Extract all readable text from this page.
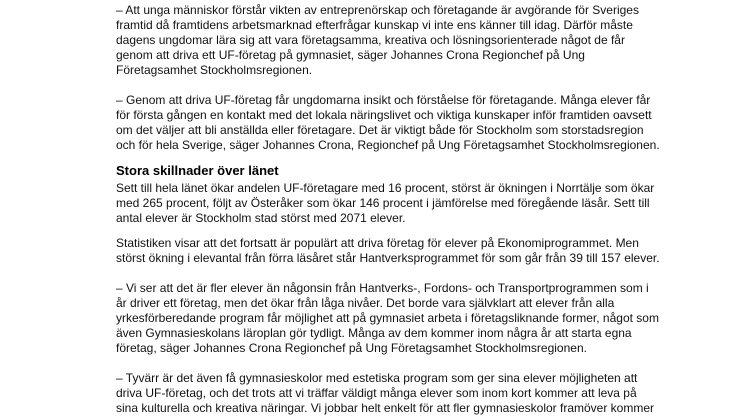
– Att unga människor förstår vikten av entreprenörskap och företagande är avgörande för Sveriges
framtid då framtidens arbetsmarknad efterfrågar kunskap vi inte ens känner till idag. Därför måste
dagens ungdomar lära sig att vara företagsamma, kreativa och lösningsorienterade något de får
genom att driva ett UF-företag på gymnasiet, säger Johannes Crona Regionchef på Ung
Företagsamhet Stockholmsregionen.
– Genom att driva UF-företag får ungdomarna insikt och förståelse för företagande. Många elever får
för första gången en kontakt med det lokala näringslivet och viktiga kunskaper inför framtiden oavsett
om det väljer att bli anställda eller företagare. Det är viktigt både för Stockholm som storstadsregion
och för hela Sverige, säger Johannes Crona, Regionchef på Ung Företagsamhet Stockholmsregionen.
Stora skillnader över länet
Sett till hela länet ökar andelen UF-företagare med 16 procent, störst är ökningen i Norrtälje som ökar
med 265 procent, följt av Österåker som ökar 146 procent i jämförelse med föregående läsår. Sett till
antal elever är Stockholm stad störst med 2071 elever.
Statistiken visar att det fortsatt är populärt att driva företag för elever på Ekonomiprogrammet. Men
störst ökning i elevantal från förra läsåret står Hantverksprogrammet för som går från 39 till 157 elever.
– Vi ser att det är fler elever än någonsin från Hantverks-, Fordons- och Transportprogrammen som i
år driver ett företag, men det ökar från låga nivåer. Det borde vara självklart att elever från alla
yrkesförberedande program får möjlighet att på gymnasiet arbeta i företagsliknande former, något som
även Gymnasieskolans läroplan gör tydligt. Många av dem kommer inom några år att starta egna
företag, säger Johannes Crona Regionchef på Ung Företagsamhet Stockholmsregionen.
– Tyvärr är det även få gymnasieskolor med estetiska program som ger sina elever möjligheten att
driva UF-företag, och det trots att vi träffar väldigt många elever som inom kort kommer att leva på
sina kulturella och kreativa näringar. Vi jobbar helt enkelt för att fler gymnasieskolor framöver kommer
